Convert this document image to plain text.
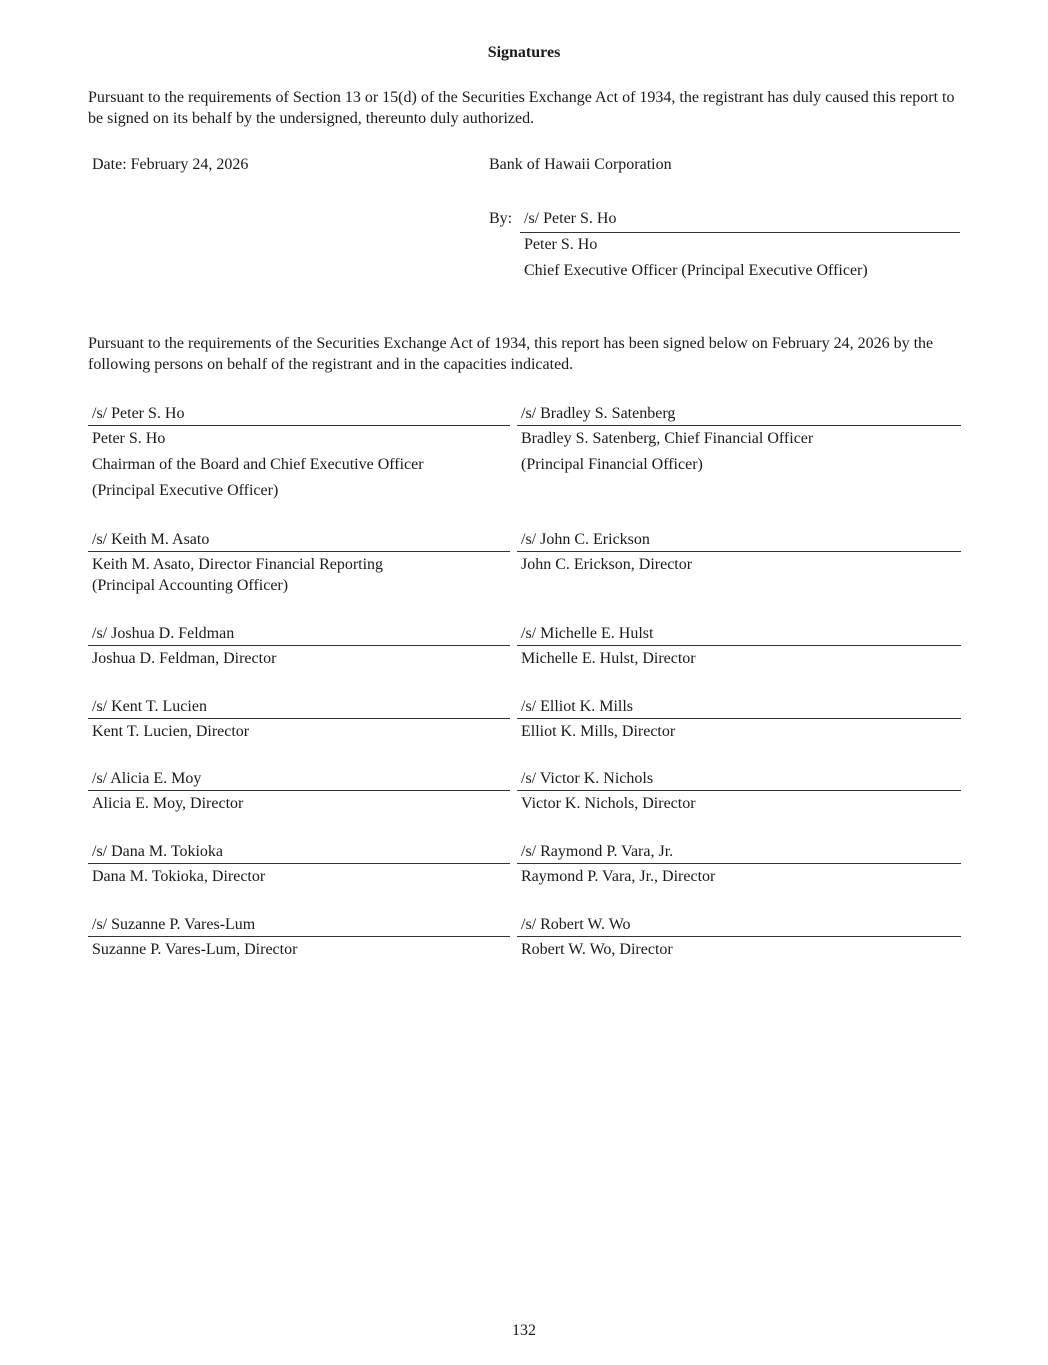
Signatures

Pursuant to the requirements of Section 13 or 15(d) of the Securities Exchange Act of 1934, the registrant has duly caused this report to be signed on its behalf by the undersigned, thereunto duly authorized.

Date: February 24, 2026	Bank of Hawaii Corporation
By: /s/ Peter S. Ho
Peter S. Ho
Chief Executive Officer (Principal Executive Officer)

Pursuant to the requirements of the Securities Exchange Act of 1934, this report has been signed below on February 24, 2026 by the following persons on behalf of the registrant and in the capacities indicated.

/s/ Peter S. Ho
Peter S. Ho
Chairman of the Board and Chief Executive Officer
(Principal Executive Officer)
/s/ Bradley S. Satenberg
Bradley S. Satenberg, Chief Financial Officer
(Principal Financial Officer)
/s/ Keith M. Asato
Keith M. Asato, Director Financial Reporting
(Principal Accounting Officer)
/s/ John C. Erickson
John C. Erickson, Director
/s/ Joshua D. Feldman
Joshua D. Feldman, Director
/s/ Michelle E. Hulst
Michelle E. Hulst, Director
/s/ Kent T. Lucien
Kent T. Lucien, Director
/s/ Elliot K. Mills
Elliot K. Mills, Director
/s/ Alicia E. Moy
Alicia E. Moy, Director
/s/ Victor K. Nichols
Victor K. Nichols, Director
/s/ Dana M. Tokioka
Dana M. Tokioka, Director
/s/ Raymond P. Vara, Jr.
Raymond P. Vara, Jr., Director
/s/ Suzanne P. Vares-Lum
Suzanne P. Vares-Lum, Director
/s/ Robert W. Wo
Robert W. Wo, Director
132
